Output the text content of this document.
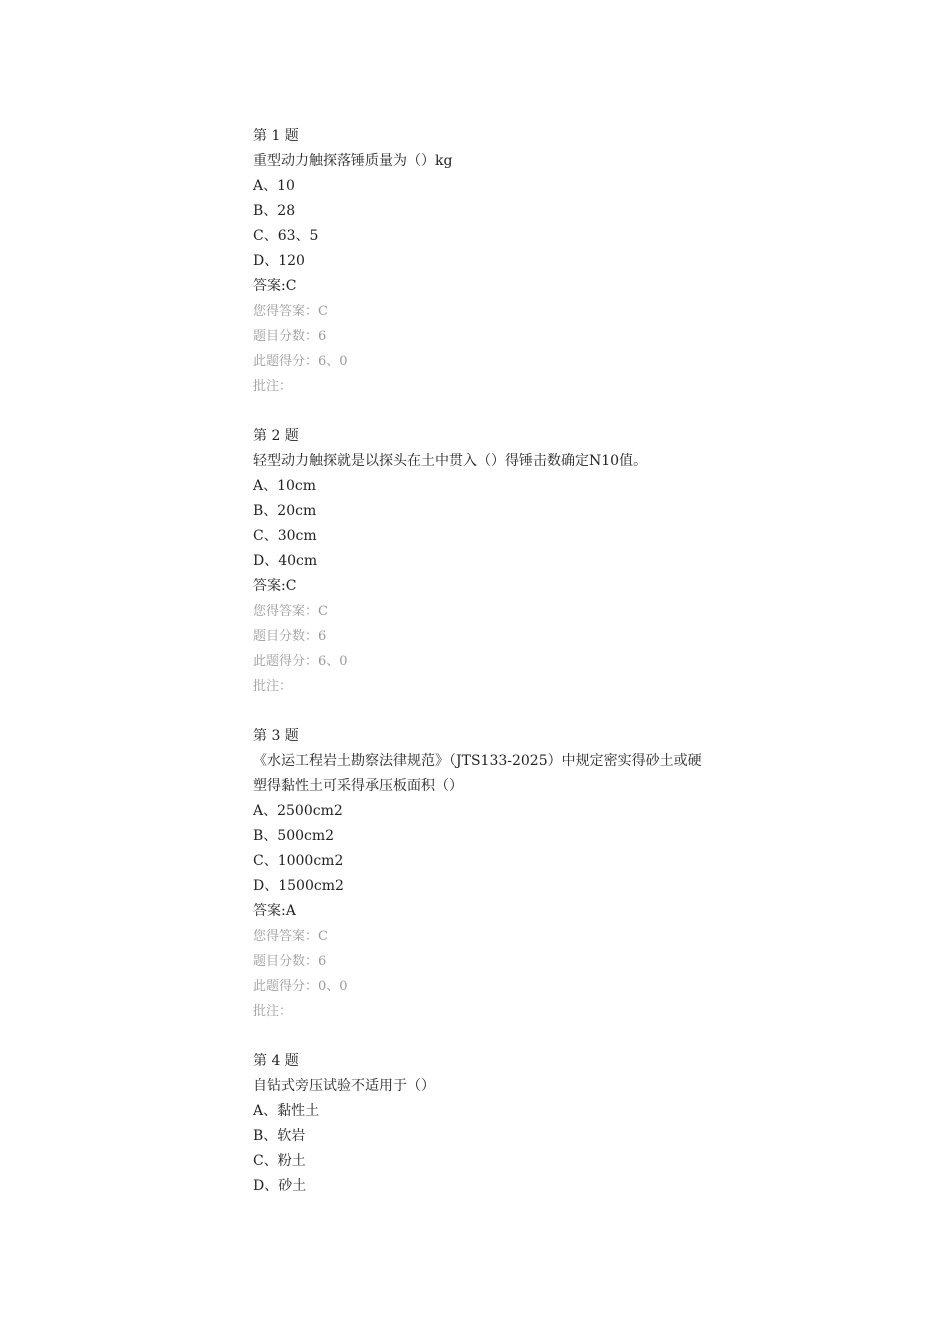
第 1 题
重型动力触探落锤质量为（）kg
A、10
B、28
C、63、5
D、120
答案:C
您得答案：C
题目分数：6
此题得分：6、0
批注：
第 2 题
轻型动力触探就是以探头在土中贯入（）得锤击数确定N10值。
A、10cm
B、20cm
C、30cm
D、40cm
答案:C
您得答案：C
题目分数：6
此题得分：6、0
批注：
第 3 题
《水运工程岩土勘察法律规范》（JTS133-2025）中规定密实得砂土或硬塑得黏性土可采得承压板面积（）
A、2500cm2
B、500cm2
C、1000cm2
D、1500cm2
答案:A
您得答案：C
题目分数：6
此题得分：0、0
批注：
第 4 题
自钻式旁压试验不适用于（）
A、黏性土
B、软岩
C、粉土
D、砂土
